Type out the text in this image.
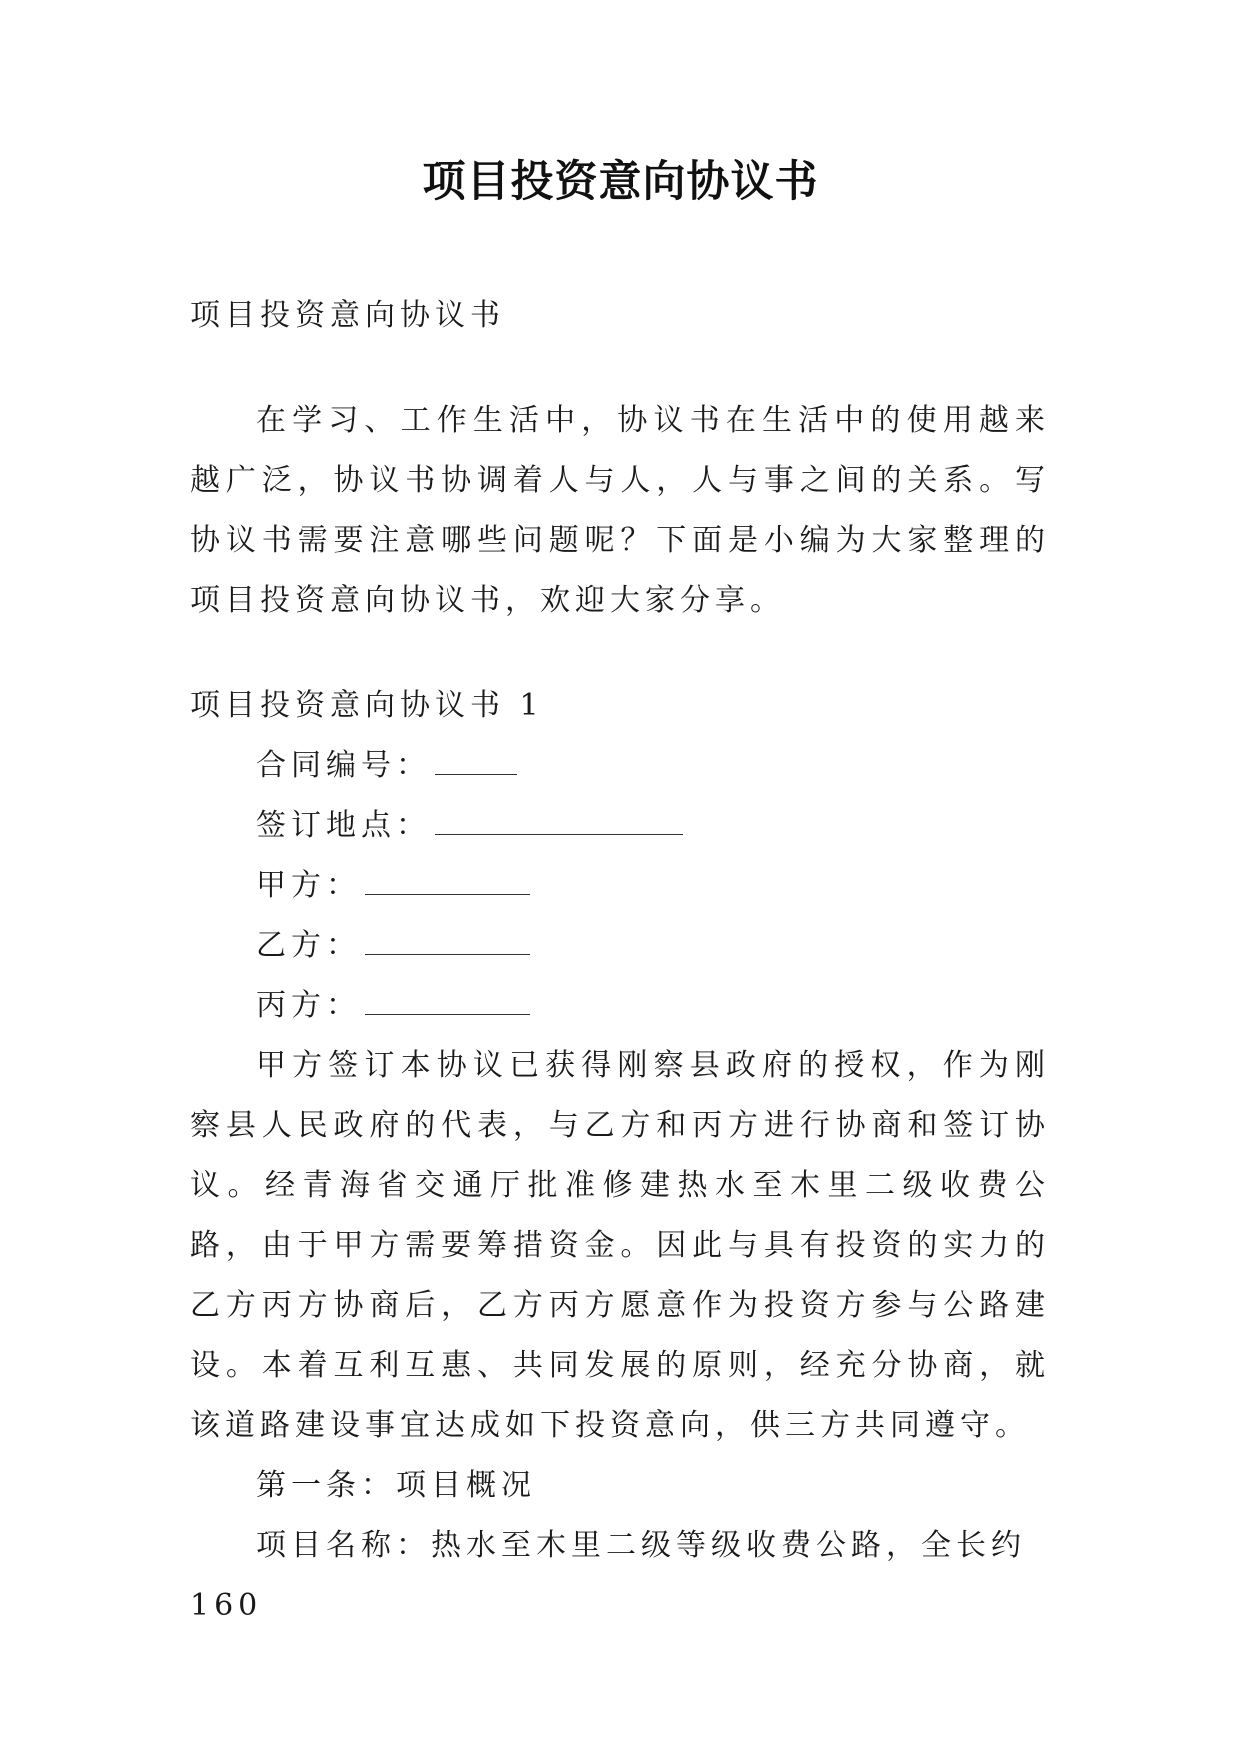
项目投资意向协议书

项目投资意向协议书

在学习、工作生活中，协议书在生活中的使用越来越广泛，协议书协调着人与人，人与事之间的关系。写协议书需要注意哪些问题呢？下面是小编为大家整理的项目投资意向协议书，欢迎大家分享。

项目投资意向协议书 1

合同编号：

签订地点：

甲方：

乙方：

丙方：

甲方签订本协议已获得刚察县政府的授权，作为刚察县人民政府的代表，与乙方和丙方进行协商和签订协议。经青海省交通厅批准修建热水至木里二级收费公路，由于甲方需要筹措资金。因此与具有投资的实力的乙方丙方协商后，乙方丙方愿意作为投资方参与公路建设。本着互利互惠、共同发展的原则，经充分协商，就该道路建设事宜达成如下投资意向，供三方共同遵守。

第一条：项目概况

项目名称：热水至木里二级等级收费公路，全长约 160
